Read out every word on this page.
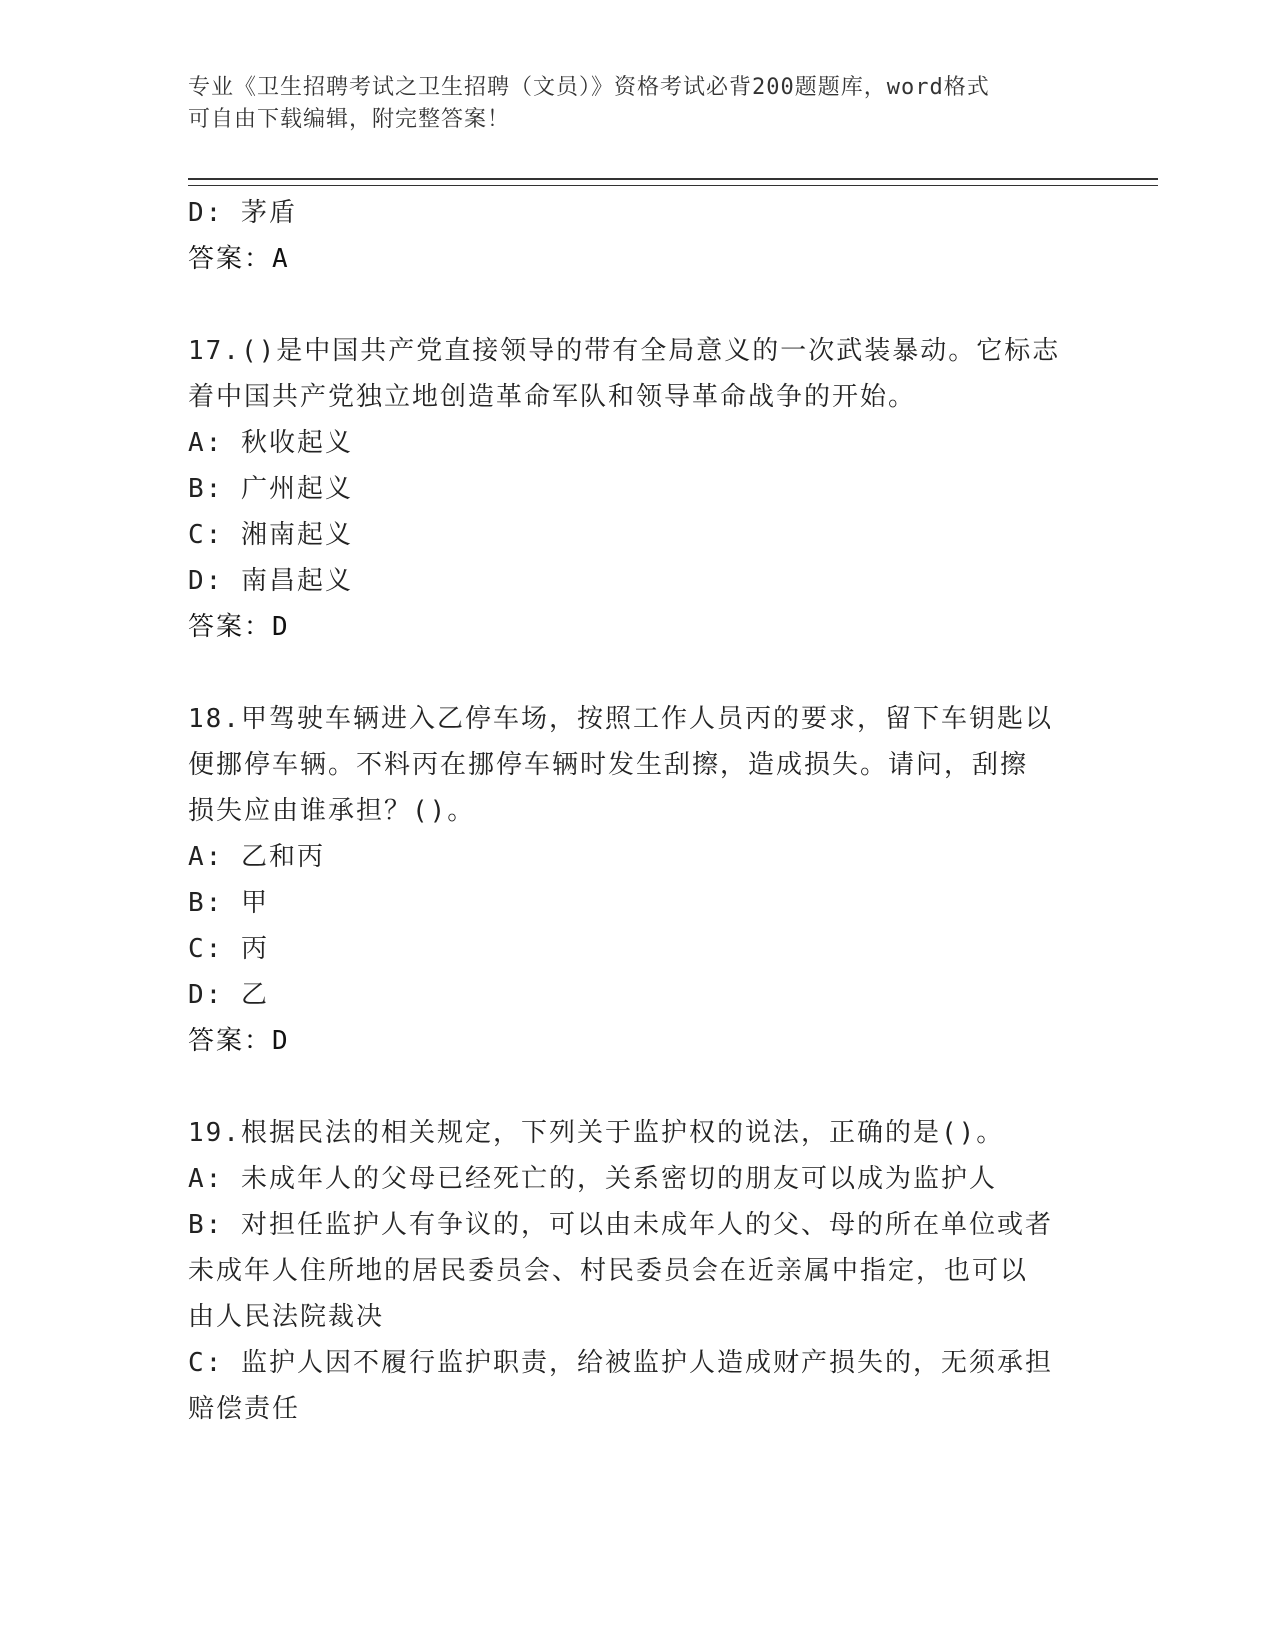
专业《卫生招聘考试之卫生招聘（文员）》资格考试必背200题题库，word格式
可自由下载编辑，附完整答案！
D: 茅盾
答案：A
17.()是中国共产党直接领导的带有全局意义的一次武装暴动。它标志
着中国共产党独立地创造革命军队和领导革命战争的开始。
A: 秋收起义
B: 广州起义
C: 湘南起义
D: 南昌起义
答案：D
18.甲驾驶车辆进入乙停车场，按照工作人员丙的要求，留下车钥匙以
便挪停车辆。不料丙在挪停车辆时发生刮擦，造成损失。请问，刮擦
损失应由谁承担？()。
A: 乙和丙
B: 甲
C: 丙
D: 乙
答案：D
19.根据民法的相关规定，下列关于监护权的说法，正确的是()。
A: 未成年人的父母已经死亡的，关系密切的朋友可以成为监护人
B: 对担任监护人有争议的，可以由未成年人的父、母的所在单位或者
未成年人住所地的居民委员会、村民委员会在近亲属中指定，也可以
由人民法院裁决
C: 监护人因不履行监护职责，给被监护人造成财产损失的，无须承担
赔偿责任
